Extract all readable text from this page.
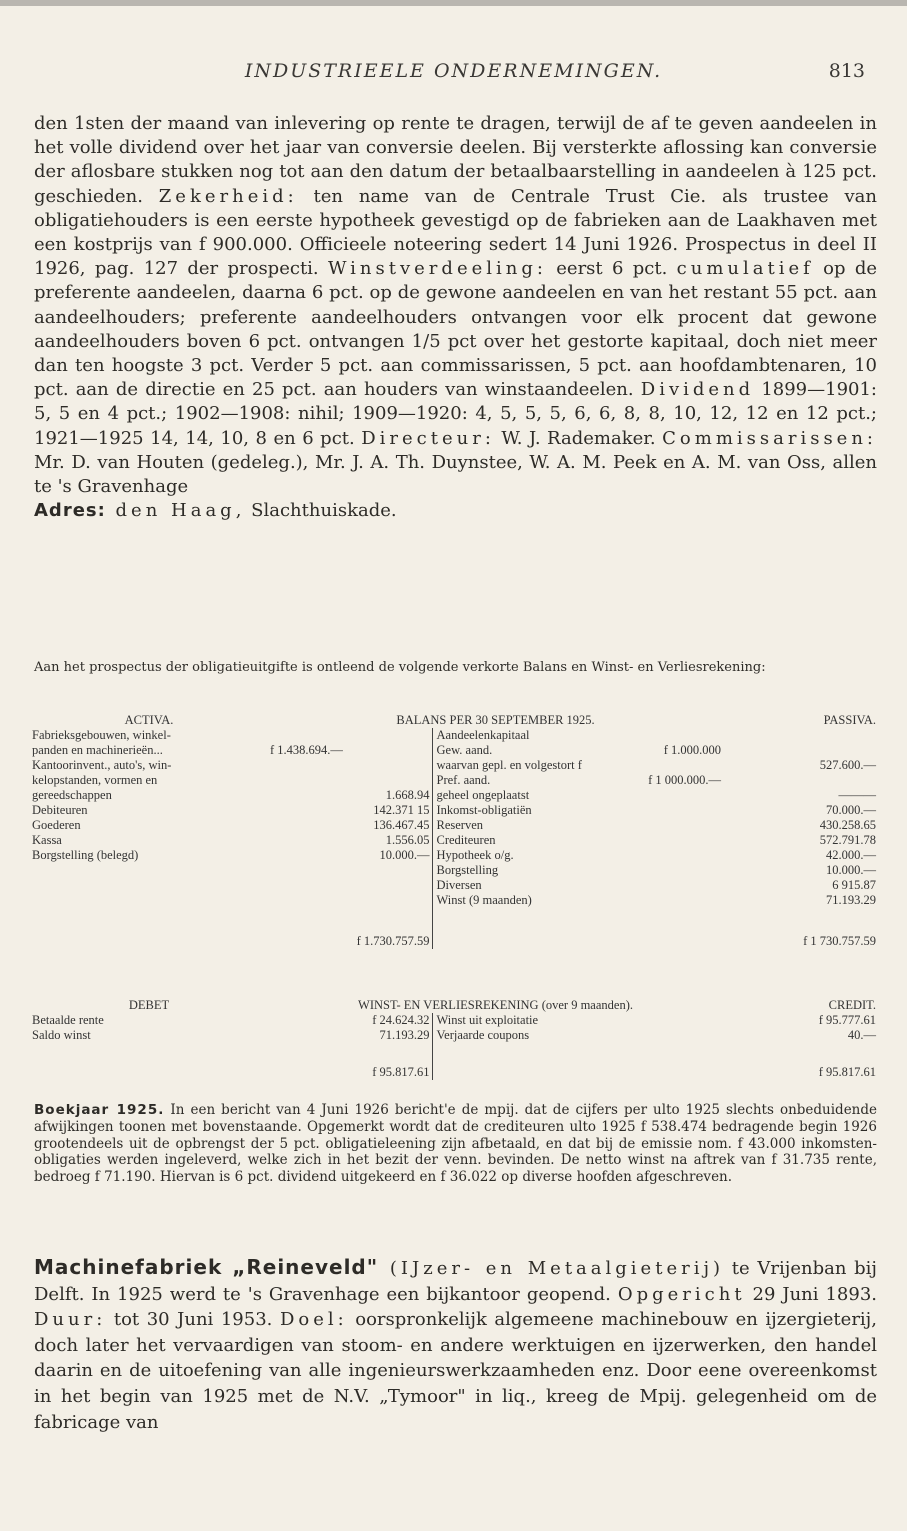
INDUSTRIEELE ONDERNEMINGEN.	813

den 1sten der maand van inlevering op rente te dragen, terwijl de af te geven aandeelen in het volle dividend over het jaar van conversie deelen. Bij versterkte aflossing kan conversie der aflosbare stukken nog tot aan den datum der betaalbaarstelling in aandeelen à 125 pct. geschieden. Zekerheid: ten name van de Centrale Trust Cie. als trustee van obligatiehouders is een eerste hypotheek gevestigd op de fabrieken aan de Laakhaven met een kostprijs van f 900.000. Officieele noteering sedert 14 Juni 1926. Prospectus in deel II 1926, pag. 127 der prospecti. Winstverdeeling: eerst 6 pct. cumulatief op de preferente aandeelen, daarna 6 pct. op de gewone aandeelen en van het restant 55 pct. aan aandeelhouders; preferente aandeelhouders ontvangen voor elk procent dat gewone aandeelhouders boven 6 pct. ontvangen 1/5 pct over het gestorte kapitaal, doch niet meer dan ten hoogste 3 pct. Verder 5 pct. aan commissarissen, 5 pct. aan hoofdambtenaren, 10 pct. aan de directie en 25 pct. aan houders van winstaandeelen. Dividend 1899—1901: 5, 5 en 4 pct.; 1902—1908: nihil; 1909—1920: 4, 5, 5, 5, 6, 6, 8, 8, 10, 12, 12 en 12 pct.; 1921—1925 14, 14, 10, 8 en 6 pct. Directeur: W. J. Rademaker. Commissarissen: Mr. D. van Houten (gedeleg.), Mr. J. A. Th. Duynstee, W. A. M. Peek en A. M. van Oss, allen te 's Gravenhage
Adres: den Haag, Slachthuiskade.

Aan het prospectus der obligatieuitgifte is ontleend de volgende verkorte Balans en Winst- en Verliesrekening:
ACTIVA.	BALANS PER 30 SEPTEMBER 1925.				PASSIVA.
Fabrieksgebouwen, winkel-			Aandeelenkapitaal		
panden en machinerieën...	f 1.438.694.—		Gew. aand.	f 1.000.000	
Kantoorinvent., auto's, win-			waarvan gepl. en volgestort f		527.600.—
kelopstanden, vormen en			Pref. aand.	f 1 000.000.—	
gereedschappen		1.668.94	geheel ongeplaatst		———
Debiteuren		142.371 15	Inkomst-obligatiën		70.000.—
Goederen		136.467.45	Reserven		430.258.65
Kassa		1.556.05	Crediteuren		572.791.78
Borgstelling (belegd)		10.000.—	Hypotheek o/g.		42.000.—
			Borgstelling		10.000.—
			Diversen		6 915.87
			Winst (9 maanden)		71.193.29

f 1.730.757.59				f 1 730.757.59	
DEBET	WINST- EN VERLIESREKENING (over 9 maanden).			CREDIT.
Betaalde rente		f 24.624.32	Winst uit exploitatie	f 95.777.61
Saldo winst		71.193.29	Verjaarde coupons	40.—

f 95.817.61				f 95.817.61
Boekjaar 1925. In een bericht van 4 Juni 1926 bericht'e de mpij. dat de cijfers per ulto 1925 slechts onbeduidende afwijkingen toonen met bovenstaande. Opgemerkt wordt dat de crediteuren ulto 1925 f 538.474 bedragende begin 1926 grootendeels uit de opbrengst der 5 pct. obligatieleening zijn afbetaald, en dat bij de emissie nom. f 43.000 inkomsten-obligaties werden ingeleverd, welke zich in het bezit der venn. bevinden. De netto winst na aftrek van f 31.735 rente, bedroeg f 71.190. Hiervan is 6 pct. dividend uitgekeerd en f 36.022 op diverse hoofden afgeschreven.
Machinefabriek „Reineveld" (IJzer- en Metaalgieterij) te Vrijenban bij Delft. In 1925 werd te 's Gravenhage een bijkantoor geopend. Opgericht 29 Juni 1893. Duur: tot 30 Juni 1953. Doel: oorspronkelijk algemeene machinebouw en ijzergieterij, doch later het vervaardigen van stoom- en andere werktuigen en ijzerwerken, den handel daarin en de uitoefening van alle ingenieurswerkzaamheden enz. Door eene overeenkomst in het begin van 1925 met de N.V. „Tymoor" in liq., kreeg de Mpij. gelegenheid om de fabricage van
